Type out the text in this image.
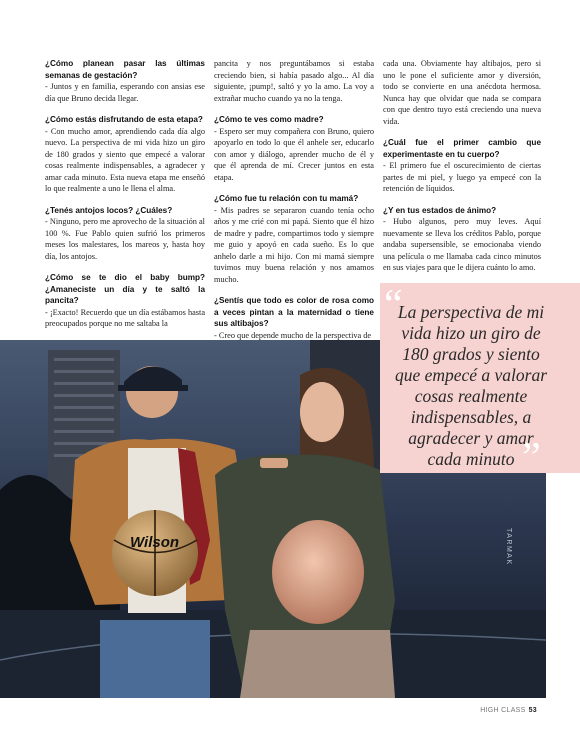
¿Cómo planean pasar las últimas semanas de gestación?
- Juntos y en familia, esperando con ansias ese día que Bruno decida llegar.

¿Cómo estás disfrutando de esta etapa?
- Con mucho amor, aprendiendo cada día algo nuevo. La perspectiva de mi vida hizo un giro de 180 grados y siento que empecé a valorar cosas realmente indispensables, a agradecer y amar cada minuto. Esta nueva etapa me enseñó lo que realmente a uno le llena el alma.

¿Tenés antojos locos? ¿Cuáles?
- Ninguno, pero me aprovecho de la situación al 100 %. Fue Pablo quien sufrió los primeros meses los malestares, los mareos y, hasta hoy día, los antojos.

¿Cómo se te dio el baby bump? ¿Amaneciste un día y te saltó la pancita?
- ¡Exacto! Recuerdo que un día estábamos hasta preocupados porque no me saltaba la

pancita y nos preguntábamos si estaba creciendo bien, si había pasado algo... Al día siguiente, ¡pump!, saltó y yo la amo. La voy a extrañar mucho cuando ya no la tenga.

¿Cómo te ves como madre?
- Espero ser muy compañera con Bruno, quiero apoyarlo en todo lo que él anhele ser, educarlo con amor y diálogo, aprender mucho de él y que él aprenda de mí. Crecer juntos en esta etapa.

¿Cómo fue tu relación con tu mamá?
- Mis padres se separaron cuando tenía ocho años y me crié con mi papá. Siento que él hizo de madre y padre, compartimos todo y siempre me guio y apoyó en cada sueño. Es lo que anhelo darle a mi hijo. Con mi mamá siempre tuvimos muy buena relación y nos amamos mucho.

¿Sentís que todo es color de rosa como a veces pintan a la maternidad o tiene sus altibajos?
- Creo que depende mucho de la perspectiva de

cada una. Obviamente hay altibajos, pero si uno le pone el suficiente amor y diversión, todo se convierte en una anécdota hermosa. Nunca hay que olvidar que nada se compara con que dentro tuyo está creciendo una nueva vida.

¿Cuál fue el primer cambio que experimentaste en tu cuerpo?
- El primero fue el oscurecimiento de ciertas partes de mi piel, y luego ya empecé con la retención de líquidos.

¿Y en tus estados de ánimo?
- Hubo algunos, pero muy leves. Aquí nuevamente se lleva los créditos Pablo, porque andaba supersensible, se emocionaba viendo una película o me llamaba cada cinco minutos en sus viajes para que le dijera cuánto lo amo.

Wilson
“
La perspectiva de mi vida hizo un giro de 180 grados y siento que empecé a valorar cosas realmente indispensables, a agradecer y amar cada minuto ”
TARMAK
HIGH CLASS 53
